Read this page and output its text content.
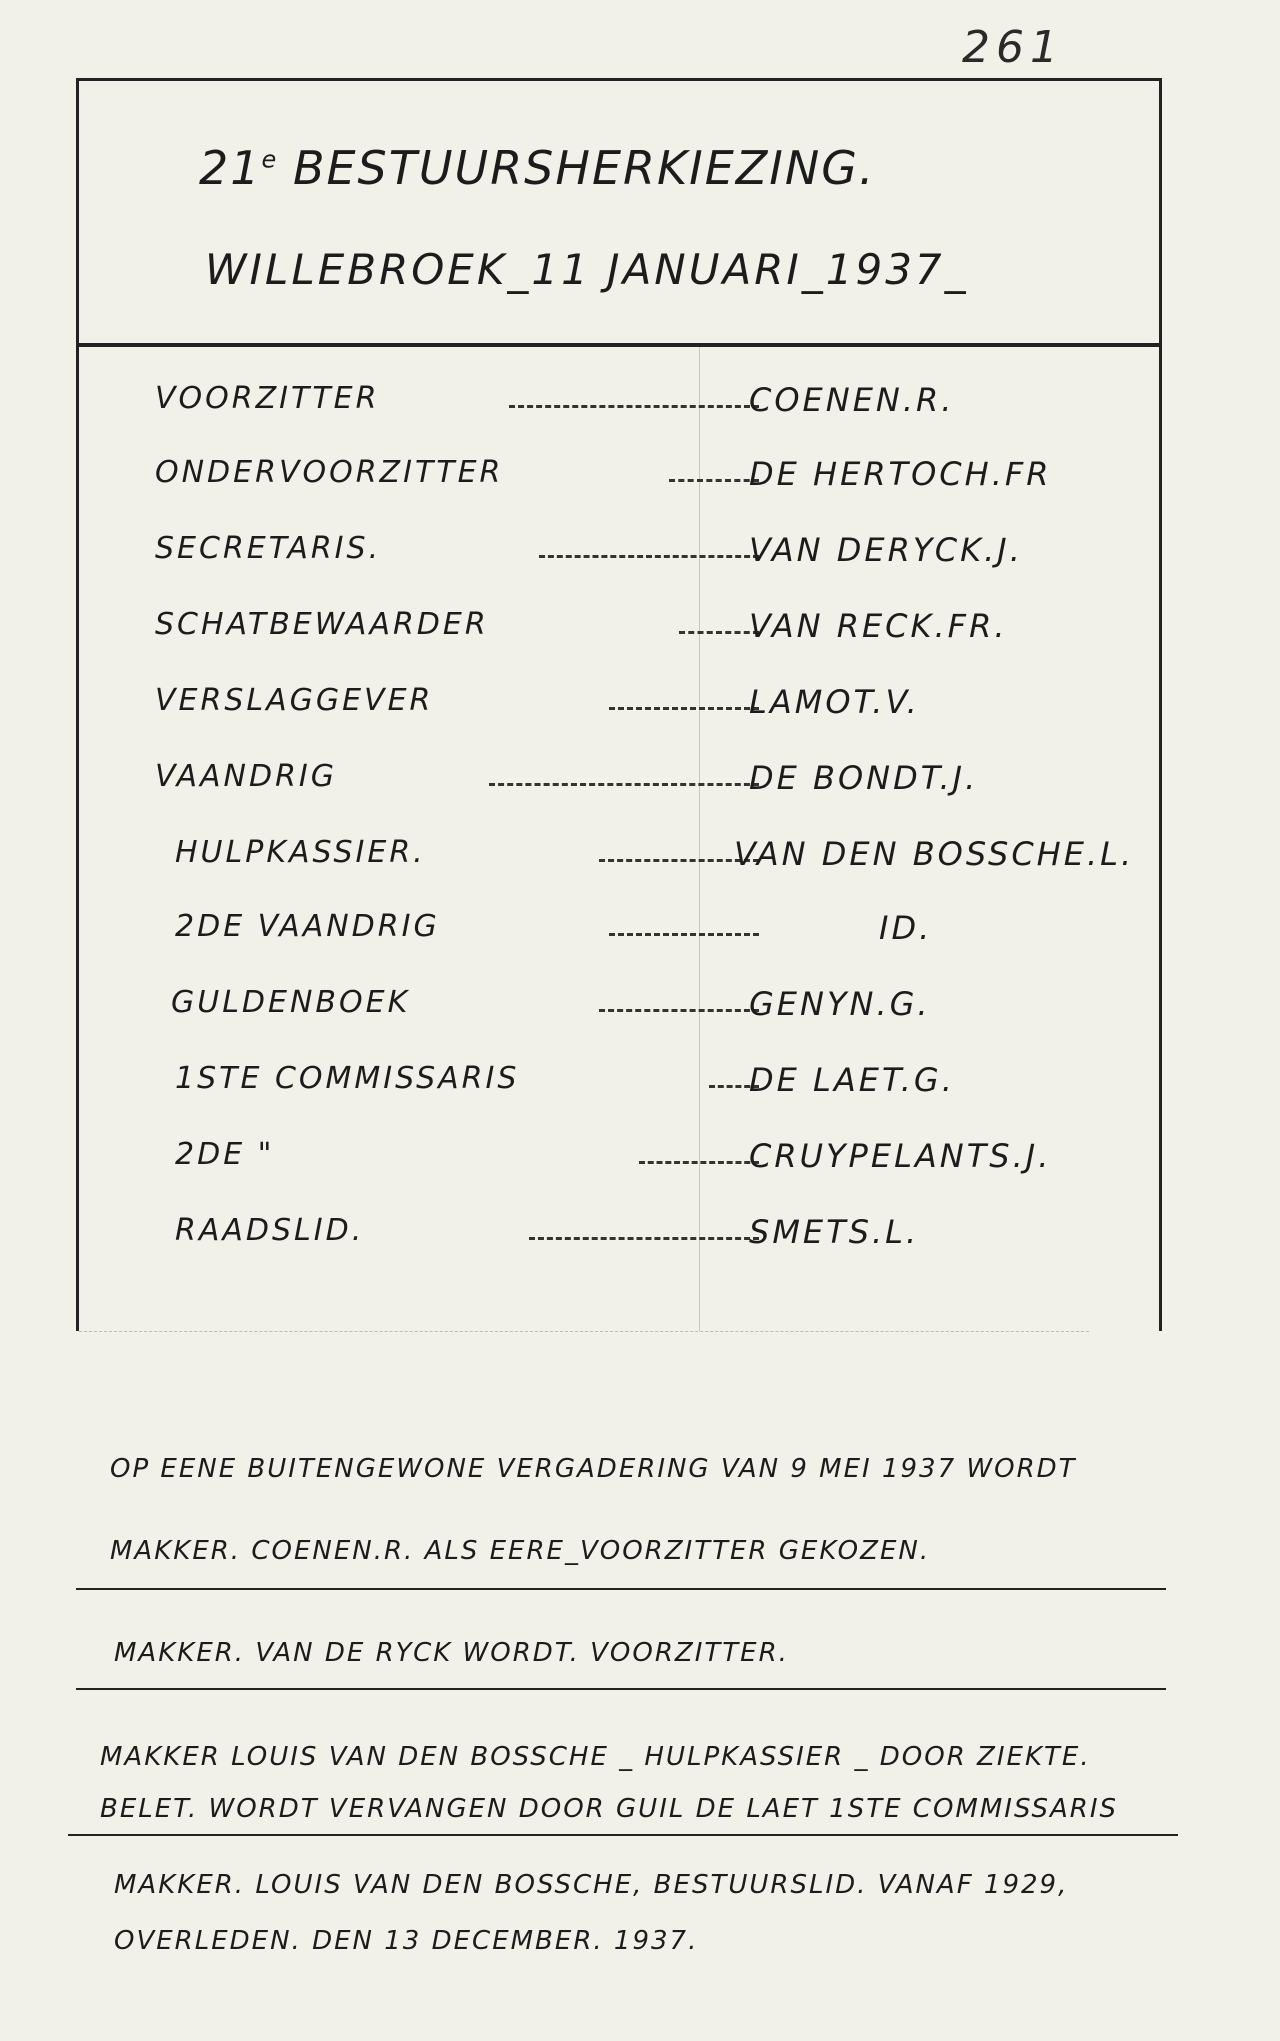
261
21e BESTUURSHERKIEZING.
WILLEBROEK_11 JANUARI_1937_
VOORZITTER	COENEN.R.
ONDERVOORZITTER	DE HERTOCH.FR
SECRETARIS.	VAN DERYCK.J.
SCHATBEWAARDER	VAN RECK.FR.
VERSLAGGEVER	LAMOT.V.
VAANDRIG	DE BONDT.J.
HULPKASSIER.	VAN DEN BOSSCHE.L.
2DE VAANDRIG	ID.
GULDENBOEK	GENYN.G.
1STE COMMISSARIS	DE LAET.G.
2DE "	CRUYPELANTS.J.
RAADSLID.	SMETS.L.
OP EENE BUITENGEWONE VERGADERING VAN 9 MEI 1937 WORDT
MAKKER. COENEN.R. ALS EERE_VOORZITTER GEKOZEN.
MAKKER. VAN DE RYCK WORDT. VOORZITTER.
MAKKER LOUIS VAN DEN BOSSCHE _ HULPKASSIER _ DOOR ZIEKTE.
BELET. WORDT VERVANGEN DOOR GUIL DE LAET 1STE COMMISSARIS
MAKKER. LOUIS VAN DEN BOSSCHE, BESTUURSLID. VANAF 1929,
OVERLEDEN. DEN 13 DECEMBER. 1937.
